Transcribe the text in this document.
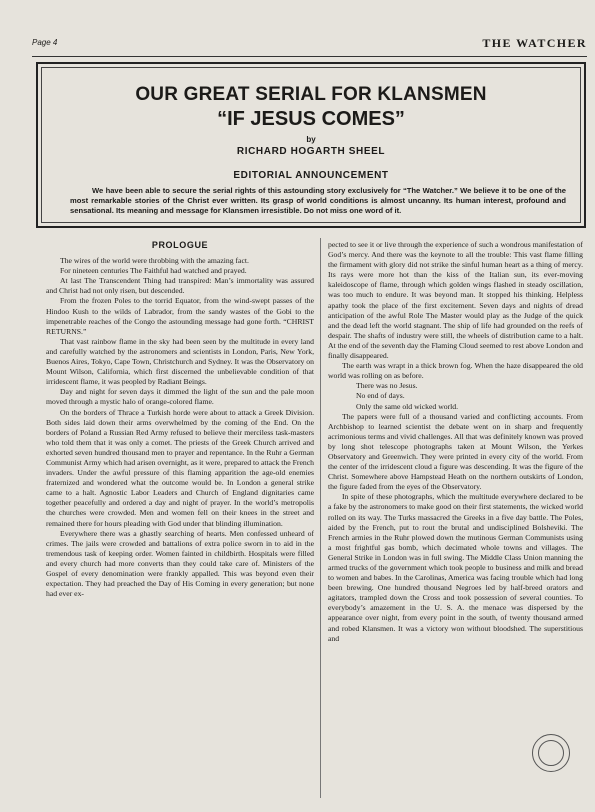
Page 4	THE WATCHER
OUR GREAT SERIAL FOR KLANSMEN
“IF JESUS COMES”
by
RICHARD HOGARTH SHEEL
EDITORIAL ANNOUNCEMENT
We have been able to secure the serial rights of this astounding story exclusively for “The Watcher.” We believe it to be one of the most remarkable stories of the Christ ever written. Its grasp of world conditions is almost uncanny. Its human interest, profound and sensational. Its meaning and message for Klansmen irresistible. Do not miss one word of it.
PROLOGUE

The wires of the world were throbbing with the amazing fact.

For nineteen centuries The Faithful had watched and prayed.

At last The Transcendent Thing had transpired: Man’s immortality was assured and Christ had not only risen, but descended.

From the frozen Poles to the torrid Equator, from the wind-swept passes of the Hindoo Kush to the wilds of Labrador, from the sandy wastes of the Gobi to the impenetrable reaches of the Congo the astounding message had gone forth. “CHRIST RETURNS.”

That vast rainbow flame in the sky had been seen by the multitude in every land and carefully watched by the astronomers and scientists in London, Paris, New York, Buenos Aires, Tokyo, Cape Town, Christchurch and Sydney. It was the Observatory on Mount Wilson, California, which first discerned the unbelievable condition of that irridescent flame, it was peopled by Radiant Beings.

Day and night for seven days it dimmed the light of the sun and the pale moon moved through a mystic halo of orange-colored flame.

On the borders of Thrace a Turkish horde were about to attack a Greek Division. Both sides laid down their arms overwhelmed by the coming of the End. On the borders of Poland a Russian Red Army refused to believe their merciless task-masters who told them that it was only a comet. The priests of the Greek Church arrived and exhorted seven hundred thousand men to prayer and repentance. In the Ruhr a German Communist Army which had arisen overnight, as it were, prepared to attack the French invaders. Under the awful pressure of this flaming apparition the age-old enemies fraternized and wondered what the outcome would be. In London a general strike came to a halt. Agnostic Labor Leaders and Church of England dignitaries came together peacefully and ordered a day and night of prayer. In the world’s metropolis the churches were crowded. Men and women fell on their knees in the street and remained there for hours pleading with God under that blinding illumination.

Everywhere there was a ghastly searching of hearts. Men confessed unheard of crimes. The jails were crowded and battalions of extra police sworn in to aid in the tremendous task of keeping order. Women fainted in childbirth. Hospitals were filled and every church had more converts than they could take care of. Ministers of the Gospel of every denomination were frankly appalled. This was beyond even their expectation. They had preached the Day of His Coming in every generation; but none had ever ex-

pected to see it or live through the experience of such a wondrous manifestation of God’s mercy. And there was the keynote to all the trouble: This vast flame filling the firmament with glory did not strike the sinful human heart as a thing of mercy. Its rays were more hot than the kiss of the Italian sun, its ever-moving kaleidoscope of flame, through which golden wings flashed in steady oscillation, was too much to endure. It was beyond man. It stopped his thinking. Helpless apathy took the place of the first excitement. Seven days and nights of dread anticipation of the awful Role The Master would play as the Judge of the quick and the dead left the world stagnant. The ship of life had grounded on the reefs of despair. The shafts of industry were still, the wheels of distribution came to a halt. At the end of the seventh day the Flaming Cloud seemed to rest above London and finally disappeared.

The earth was wrapt in a thick brown fog. When the haze disappeared the old world was rolling on as before.

There was no Jesus.

No end of days.

Only the same old wicked world.

The papers were full of a thousand varied and conflicting accounts. From Archbishop to learned scientist the debate went on in sharp and frequently acrimonious terms and vivid challenges. All that was definitely known was proved by long shot telescope photographs taken at Mount Wilson, the Yerkes Observatory and Greenwich. They were printed in every city of the world. From the center of the irridescent cloud a figure was descending. It was the figure of the Christ. Somewhere above Hampstead Heath on the northern outskirts of London, the figure faded from the eyes of the Observatory.

In spite of these photographs, which the multitude everywhere declared to be a fake by the astronomers to make good on their first statements, the wicked world rolled on its way. The Turks massacred the Greeks in a five day battle. The Poles, aided by the French, put to rout the brutal and undisciplined Bolsheviki. The French armies in the Ruhr plowed down the mutinous German Communists using a most frightful gas bomb, which decimated whole towns and villages. The General Strike in London was in full swing. The Middle Class Union manning the armed trucks of the government which took people to business and milk and bread to women and babes. In the Carolinas, America was facing trouble which had long been brewing. One hundred thousand Negroes led by half-breed orators and agitators, trampled down the Cross and took possession of several counties. To everybody’s amazement in the U. S. A. the menace was dispersed by the appearance over night, from every point in the south, of twenty thousand armed and robed Klansmen. It was a victory won without bloodshed. The superstitious and
